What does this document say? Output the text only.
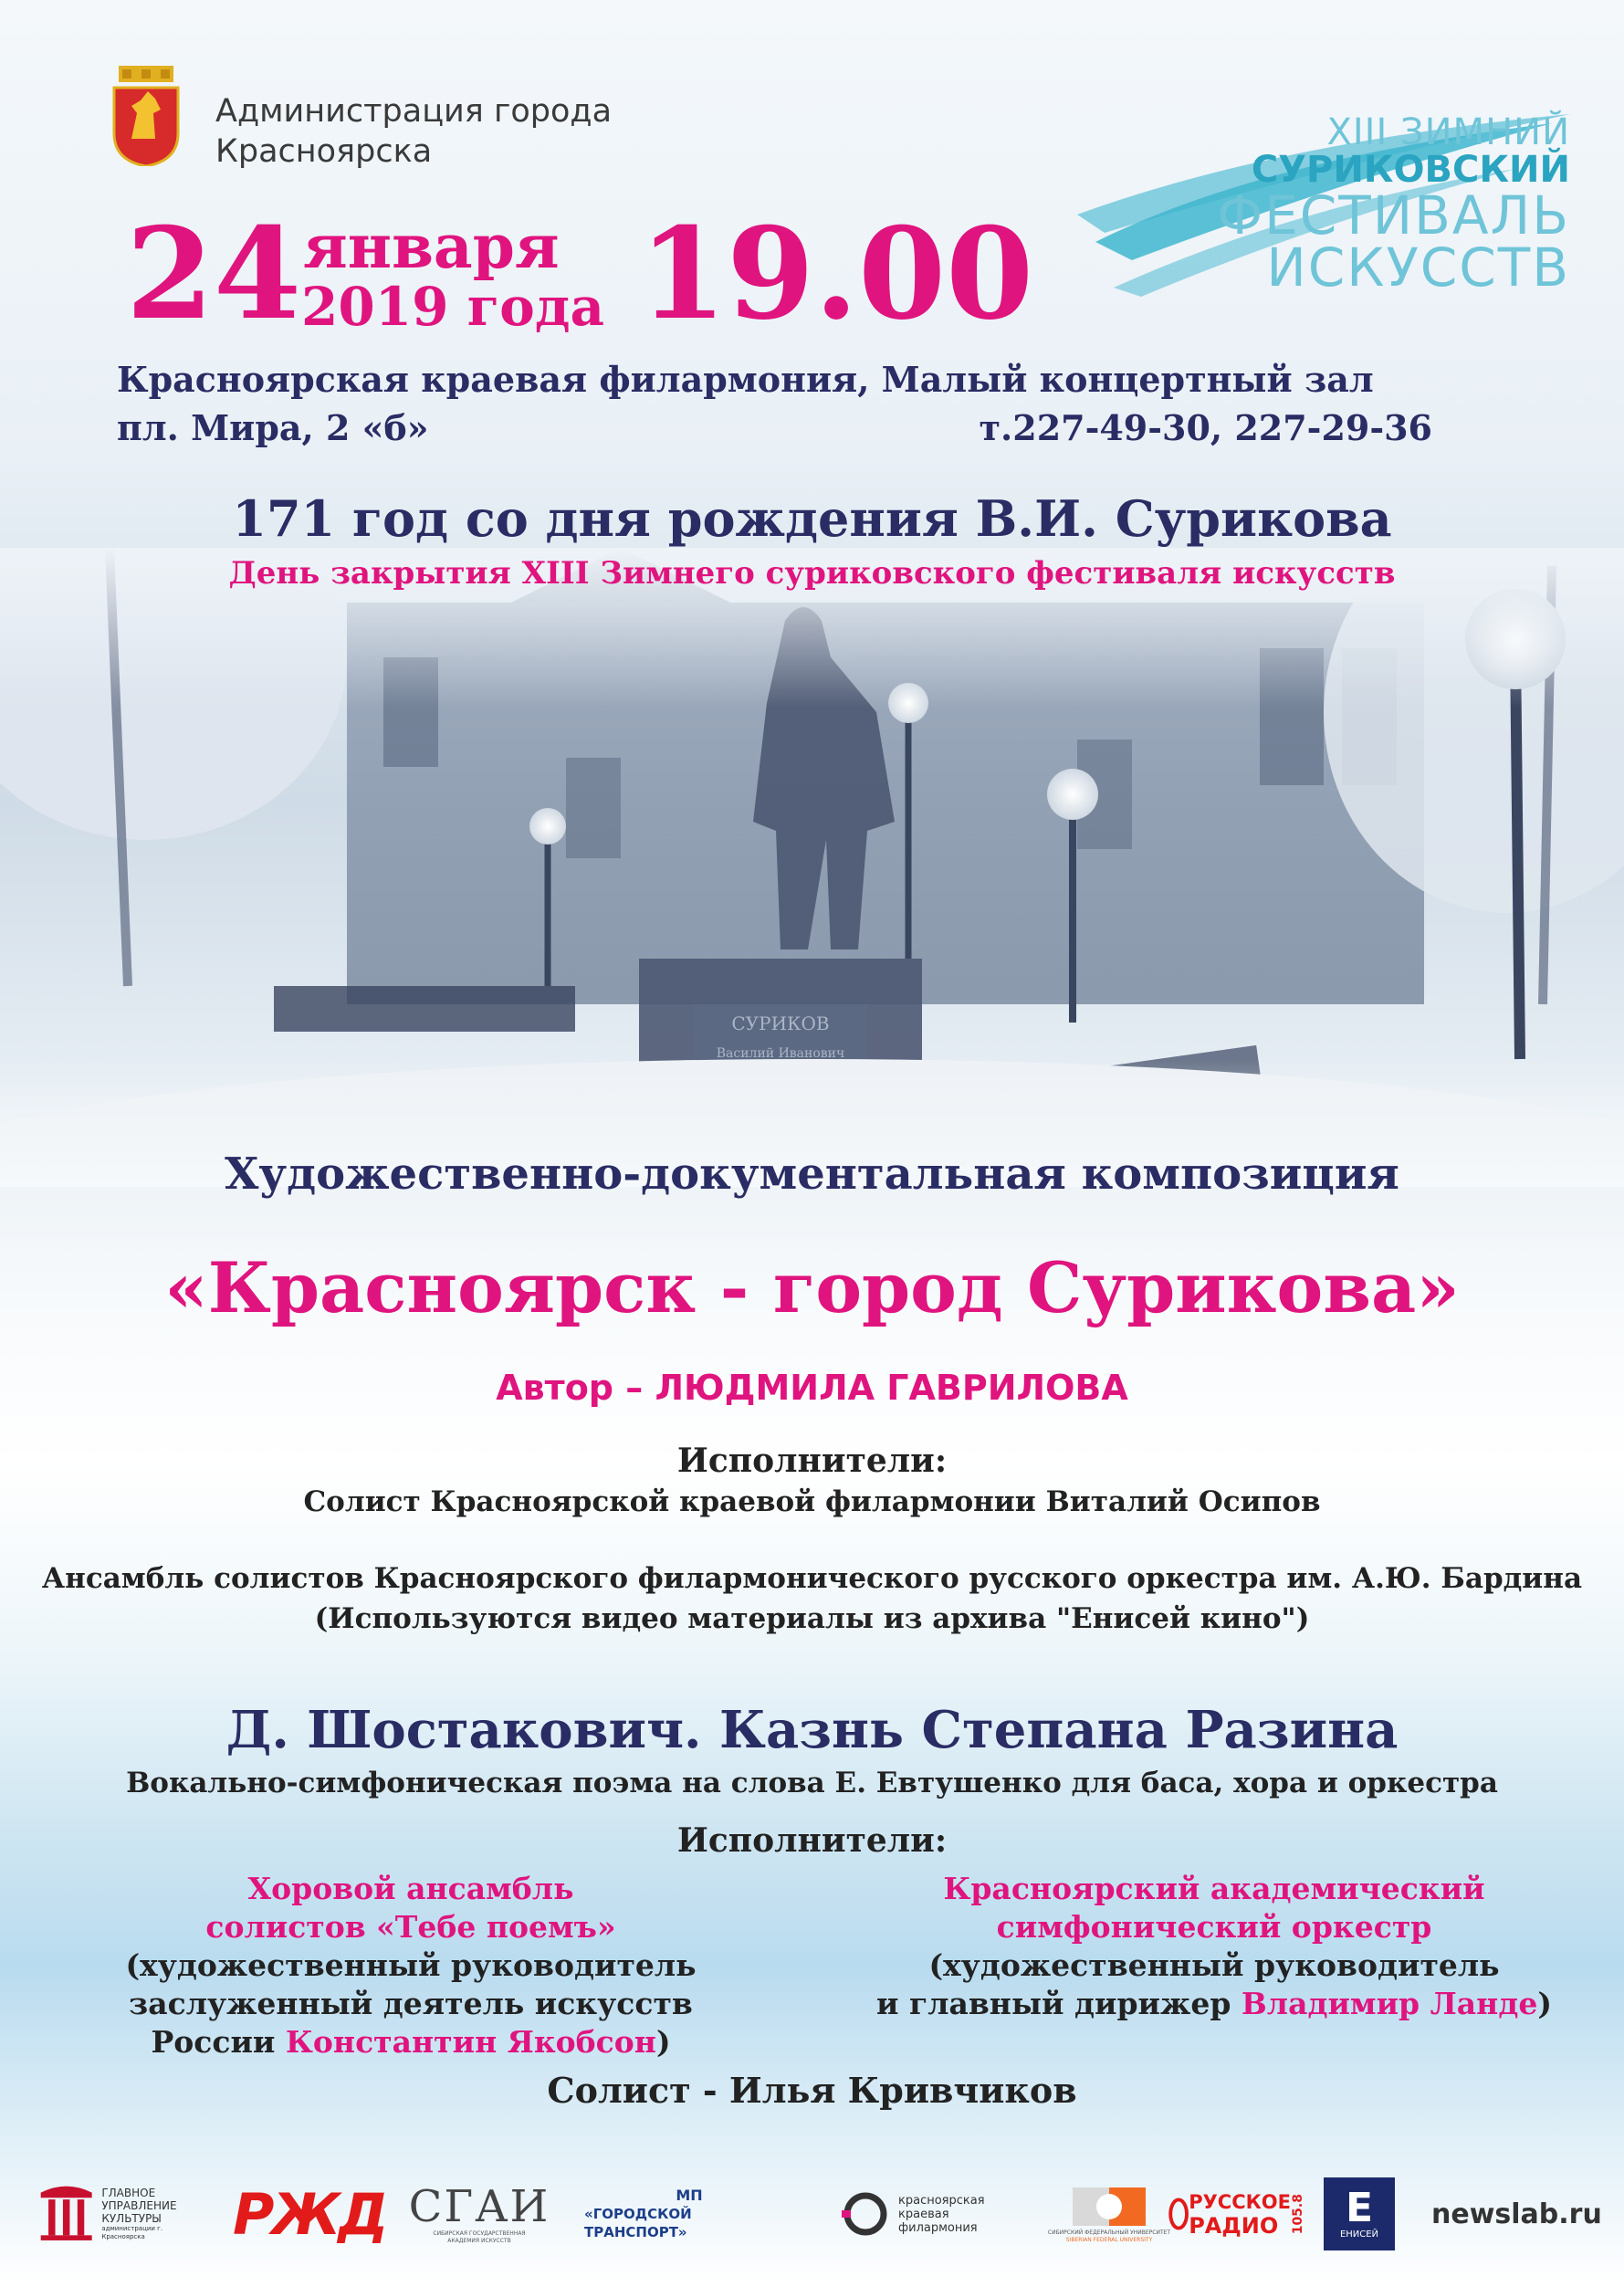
Администрация города
Красноярска	XIII ЗИМНИЙ
СУРИКОВСКИЙ
ФЕСТИВАЛЬ
ИСКУССТВ
24 января
2019 года 19.00
Красноярская краевая филармония, Малый концертный зал
пл. Мира, 2 «б»	т.227-49-30, 227-29-36
171 год со дня рождения В.И. Сурикова
День закрытия XIII Зимнего суриковского фестиваля искусств
Художественно-документальная композиция
«Красноярск - город Сурикова»
Автор – ЛЮДМИЛА ГАВРИЛОВА
Исполнители:
Солист Красноярской краевой филармонии Виталий Осипов
Ансамбль солистов Красноярского филармонического русского оркестра им. А.Ю. Бардина
(Используются видео материалы из архива "Енисей кино")
Д. Шостакович. Казнь Степана Разина
Вокально-симфоническая поэма на слова Е. Евтушенко для баса, хора и оркестра
Исполнители:
Хоровой ансамбль
солистов «Тебе поемъ»
(художественный руководитель
заслуженный деятель искусств
России Константин Якобсон)
Красноярский академический
симфонический оркестр
(художественный руководитель
и главный дирижер Владимир Ланде)
Солист - Илья Кривчиков
ГЛАВНОЕ
УПРАВЛЕНИЕ
КУЛЬТУРЫ
администрации г. Красноярска	РЖД СГАИ
СИБИРСКАЯ ГОСУДАРСТВЕННАЯ АКАДЕМИЯ ИСКУССТВ
МП
«ГОРОДСКОЙ ТРАНСПОРТ»
красноярская
краевая
филармония	СИБИРСКИЙ ФЕДЕРАЛЬНЫЙ УНИВЕРСИТЕТ
SIBERIAN FEDERAL UNIVERSITY
РУССКОЕ
РАДИО 105.8 Е
ЕНИСЕЙ
newslab.ru
